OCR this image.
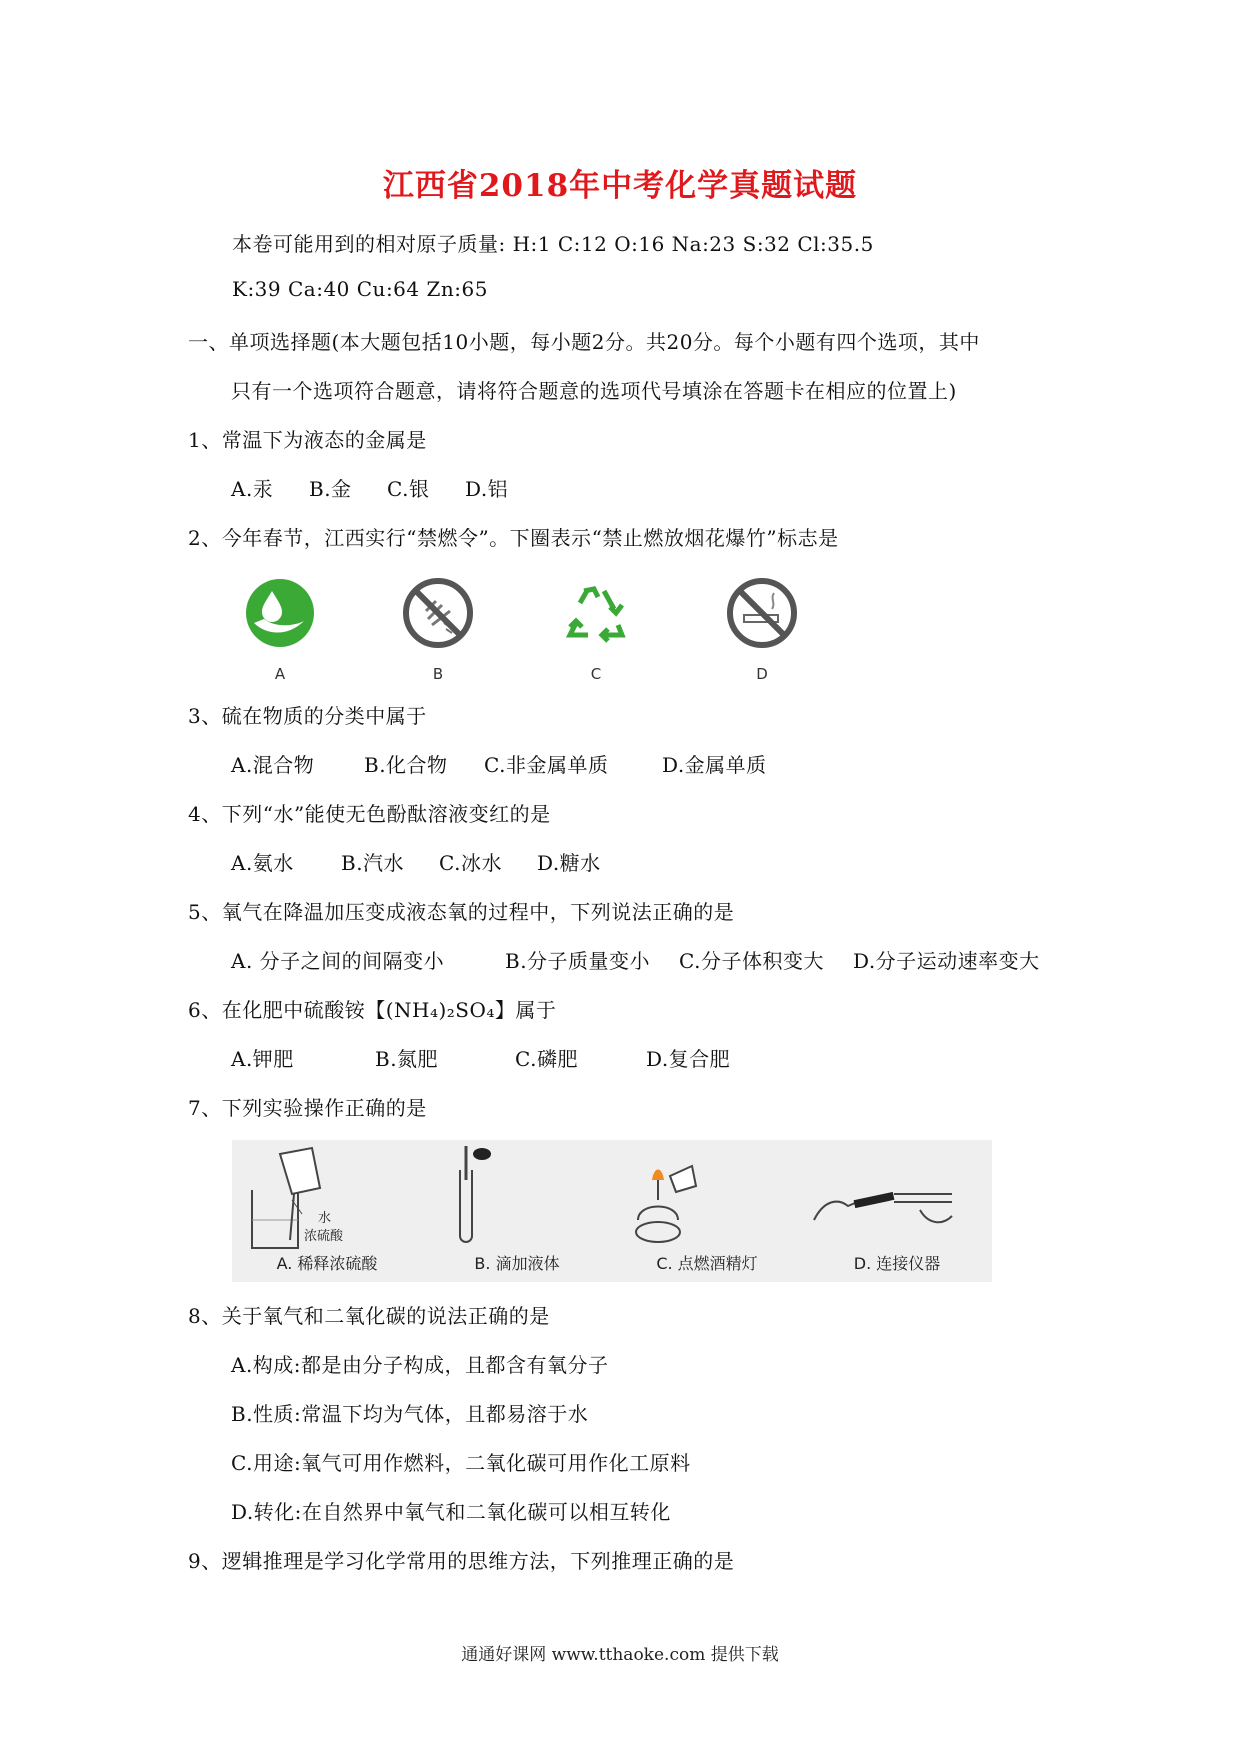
江西省2018年中考化学真题试题
本卷可能用到的相对原子质量: H:1 C:12 O:16 Na:23 S:32 Cl:35.5
K:39 Ca:40 Cu:64 Zn:65
一、单项选择题(本大题包括10小题，每小题2分。共20分。每个小题有四个选项，其中
只有一个选项符合题意，请将符合题意的选项代号填涂在答题卡在相应的位置上)
1、常温下为液态的金属是
A.汞 B.金 C.银 D.铝
2、今年春节，江西实行“禁燃令”。下圈表示“禁止燃放烟花爆竹”标志是
A	B	C	D
3、硫在物质的分类中属于
A.混合物 B.化合物 C.非金属单质	D.金属单质
4、下列“水”能使无色酚酞溶液变红的是
A.氨水 B.汽水 C.冰水 D.糖水
5、氧气在降温加压变成液态氧的过程中，下列说法正确的是
A. 分子之间的间隔变小	B.分子质量变小 C.分子体积变大 D.分子运动速率变大
6、在化肥中硫酸铵【(NH₄)₂SO₄】属于
A.钾肥	B.氮肥	C.磷肥	D.复合肥
7、下列实验操作正确的是
水
浓硫酸
A. 稀释浓硫酸	B. 滴加液体	C. 点燃酒精灯	D. 连接仪器
8、关于氧气和二氧化碳的说法正确的是
A.构成:都是由分子构成，且都含有氧分子
B.性质:常温下均为气体，且都易溶于水
C.用途:氧气可用作燃料，二氧化碳可用作化工原料
D.转化:在自然界中氧气和二氧化碳可以相互转化
9、逻辑推理是学习化学常用的思维方法，下列推理正确的是
通通好课网 www.tthaoke.com 提供下载
